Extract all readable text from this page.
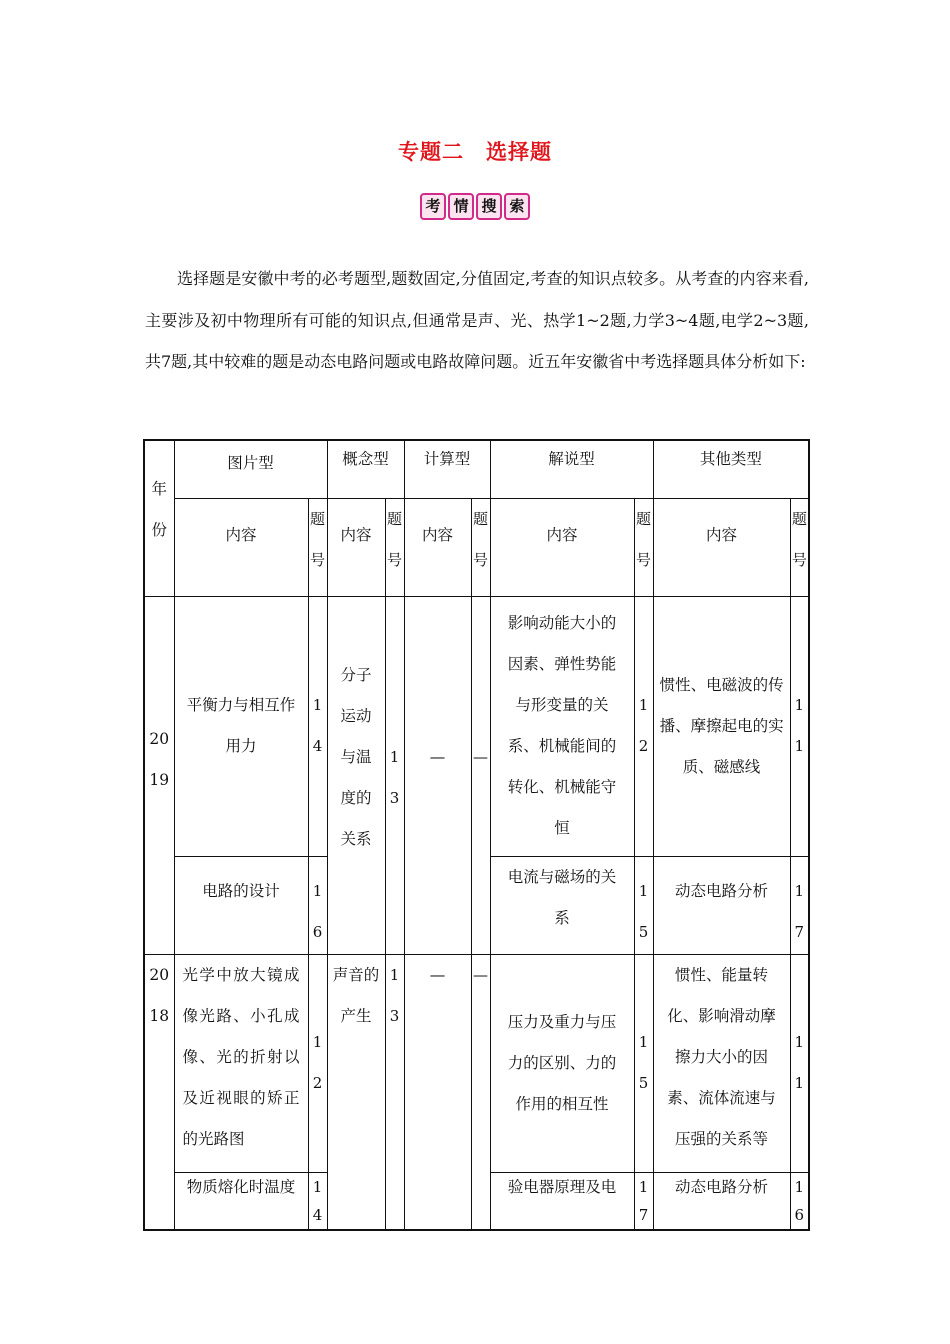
专题二 选择题
考 情 搜 索

选择题是安徽中考的必考题型,题数固定,分值固定,考查的知识点较多。从考查的内容来看,主要涉及初中物理所有可能的知识点,但通常是声、光、热学1~2题,力学3~4题,电学2~3题,共7题,其中较难的题是动态电路问题或电路故障问题。近五年安徽省中考选择题具体分析如下:

年份	图片型		概念型		计算型		解说型		其他类型	
	内容	题号	内容	题号	内容	题号	内容	题号	内容	题号
2019	平衡力与相互作用力	14	分子运动与温度的关系	13	—	—	影响动能大小的因素、弹性势能与形变量的关系、机械能间的转化、机械能守恒	12	惯性、电磁波的传播、摩擦起电的实质、磁感线	11
	电路的设计	16					电流与磁场的关系	15	动态电路分析	17
2018	光学中放大镜成像光路、小孔成像、光的折射以及近视眼的矫正的光路图	12	声音的产生	13	—	—	压力及重力与压力的区别、力的作用的相互性	15	惯性、能量转化、影响滑动摩擦力大小的因素、流体流速与压强的关系等	11
	物质熔化时温度	14					验电器原理及电	17	动态电路分析	16
